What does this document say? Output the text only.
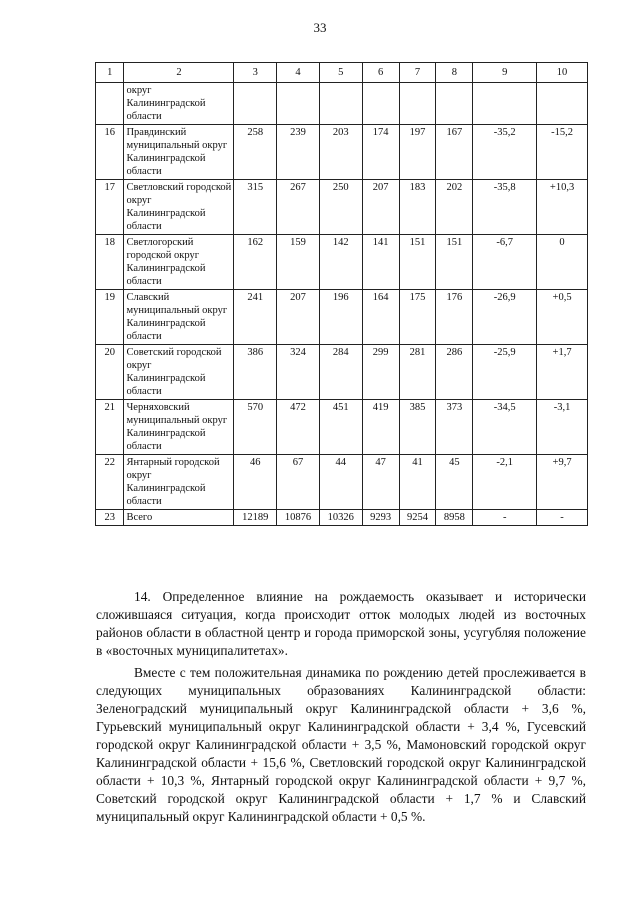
33
1	2	3	4	5	6	7	8	9	10
	округ Калининградской области								
16	Правдинский муниципальный округ Калининградской области	258	239	203	174	197	167	-35,2	-15,2
17	Светловский городской округ Калининградской области	315	267	250	207	183	202	-35,8	+10,3
18	Светлогорский городской округ Калининградской области	162	159	142	141	151	151	-6,7	0
19	Славский муниципальный округ Калининградской области	241	207	196	164	175	176	-26,9	+0,5
20	Советский городской округ Калининградской области	386	324	284	299	281	286	-25,9	+1,7
21	Черняховский муниципальный округ Калининградской области	570	472	451	419	385	373	-34,5	-3,1
22	Янтарный городской округ Калининградской области	46	67	44	47	41	45	-2,1	+9,7
23	Всего	12189	10876	10326	9293	9254	8958	-	-

14. Определенное влияние на рождаемость оказывает и исторически сложившаяся ситуация, когда происходит отток молодых людей из восточных районов области в областной центр и города приморской зоны, усугубляя положение в «восточных муниципалитетах».

Вместе с тем положительная динамика по рождению детей прослеживается в следующих муниципальных образованиях Калининградской области: Зеленоградский муниципальный округ Калининградской области + 3,6 %, Гурьевский муниципальный округ Калининградской области + 3,4 %, Гусевский городской округ Калининградской области + 3,5 %, Мамоновский городской округ Калининградской области + 15,6 %, Светловский городской округ Калининградской области + 10,3 %, Янтарный городской округ Калининградской области + 9,7 %, Советский городской округ Калининградской области + 1,7 % и Славский муниципальный округ Калининградской области + 0,5 %.
